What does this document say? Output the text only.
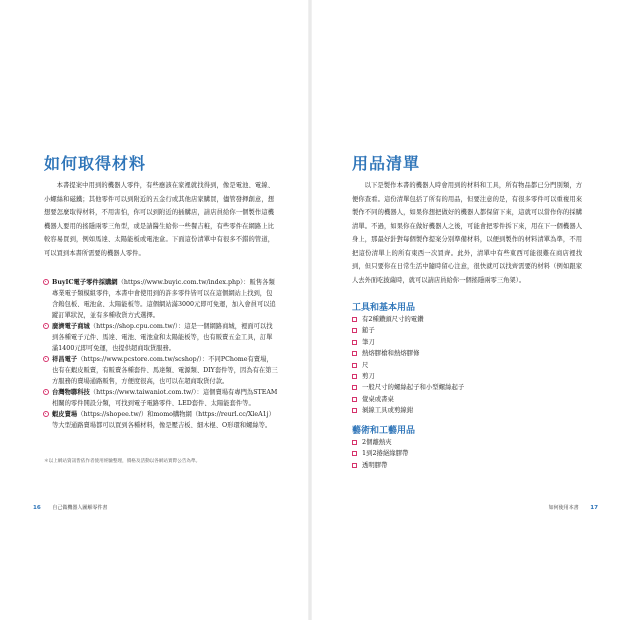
如何取得材料
本書提案中用到的機器人零件，有些應該在家裡就找得到，像是電池、電線、小螺絲和磁鐵；其他零件可以到附近的五金行或其他店家購買，儘管發揮創意，想想要怎麼取得材料，不用害怕，你可以到附近的插購店，請店員給你一個製作這機機器人要用的搖隱兩零三角型，或是請醫生給你一些餐吉粧，有些零件在網路上比較容易買到，例如馬達、太陽能板或電池盒。下面這份清單中有很多不錯的管道，可以買到本書所需要的機器人零件。
BuyIC電子零件採購網（https://www.buyic.com.tw/index.php）：販售各類專業電子類模組零件，本書中會使用到的許多零件皆可以在這個網站上找到，包含鎢包板、電池盒、太陽能板等。這個網站滿3000元即可免運，加入會員可以追蹤訂單狀況，並有多種收貨方式選擇。
廣濟電子商城（https://shop.cpu.com.tw/）：這是一個網路商城，裡面可以找到各種電子元件、馬達、電池、電池盒和太陽能板等，也有販賣五金工具，訂單滿1400元即可免運，也提供超商取貨服務。
祥昌電子（https://www.pcstore.com.tw/scshop/）：不同PChome有賣場，也有在蝦皮販賣，有販賣各種套件、馬達類、電源類、DIY套件等，因為有在第三方服務的賣場通路販售，方便度很高，也可以在超商取貨付款。
台灣物聯科技（https://www.taiwaniot.com.tw/）：這個賣場有專門為STEAM相關的零件開設分類，可找到電子電路零件、LED套件、太陽能套件等。
蝦皮賣場（https://shopee.tw/）和momo購物網（https://reurl.cc/XleA1j）等大型通路賣場都可以買到各種材料，像是壓吉板、細木棍、O形環和螺絲等。

＊以上網站資訊皆依作者使用經驗整理，價格及活動以各網站實際公告為準。

16 自己做機器人圖解零件書
用品清單
以下是製作本書的機器人時會用到的材料和工具，所有物品都已分門別類，方便你查看。這份清單包括了所有的用品，但要注意的是，有很多零件可以重複用來製作不同的機器人，如果你想把做好的機器人都保留下來，這就可以當作你的採購清單。不過，如果你在做好機器人之後，可能會把零件拆下來，用在下一個機器人身上，那最好針對每個製作提案分別準備材料，以便到製作的材料清單為準，不用把這份清單上的所有東西一次買齊。此外，清單中有些東西可能很難在商店裡找到，但只要你在日常生活中隨時留心注意，很快就可以找齊需要的材料（例如跟家人去外面吃披薩時，就可以請店員給你一個搖隱兩零三角架）。
工具和基本用品
有2種鑽頭尺寸的電鑽
鎚子
筆刀
熱熔膠槍和熱熔膠條
尺
剪刀
一般尺寸的螺絲起子和小型螺絲起子
覺桌或書桌
剝線工具或剪線鉗
藝術和工藝用品
2個離熱夾
1到2捲絕緣膠帶
透明膠帶
如何使用本書 17
